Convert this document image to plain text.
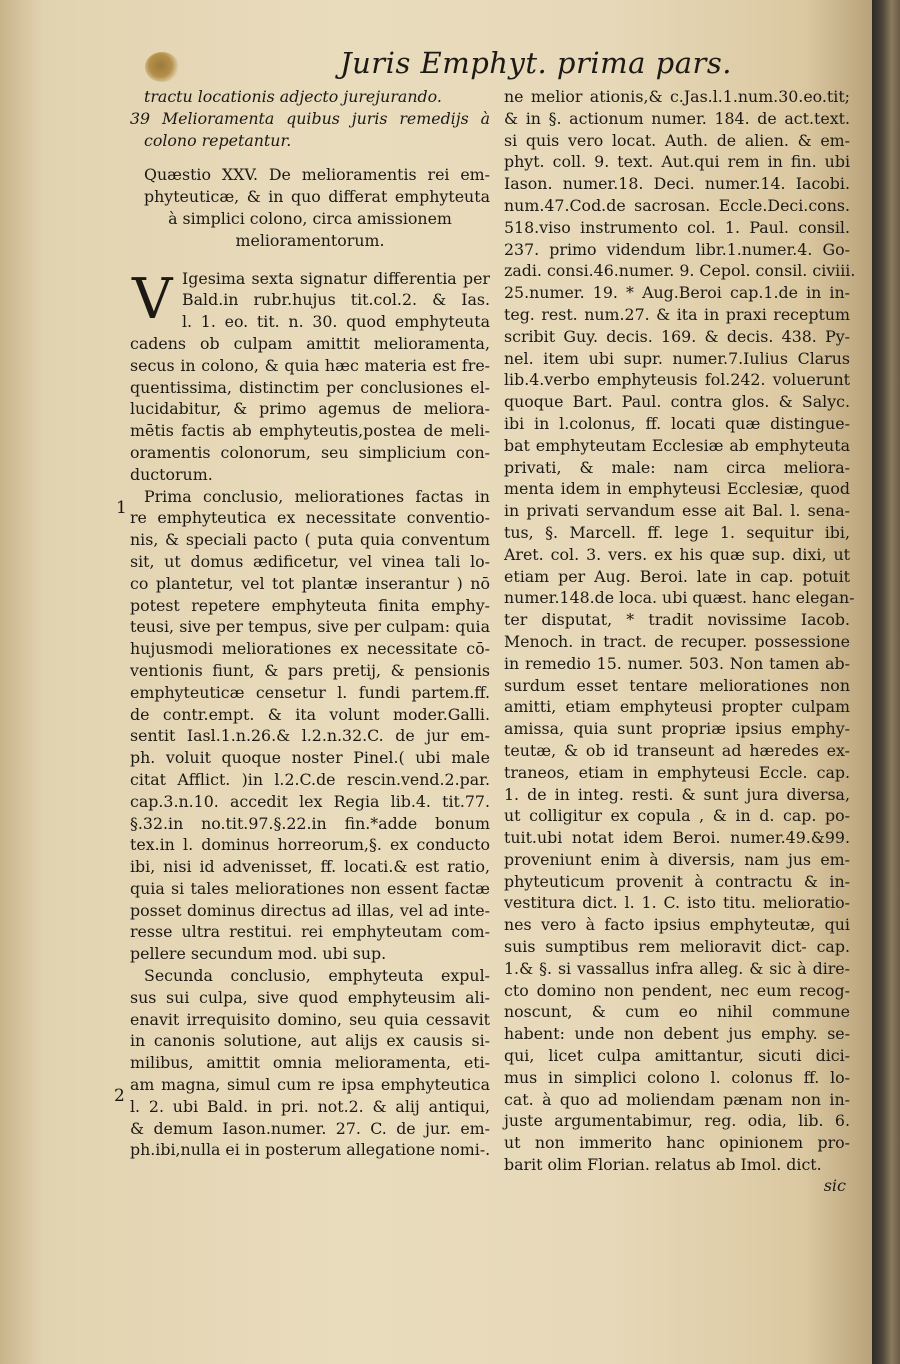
Juris Emphyt. prima pars.
tractu locationis adjecto jurejurando.
39 Melioramenta quibus juris remedijs à
colono repetantur.
Quæstio XXV. De melioramentis rei em-
phyteuticæ, & in quo differat emphyteuta
à simplici colono, circa amissionem
melioramentorum.
V Igesima sexta signatur differentia per
Bald.in rubr.hujus tit.col.2. & Ias.
l. 1. eo. tit. n. 30. quod emphyteuta
cadens ob culpam amittit melioramenta,
secus in colono, & quia hæc materia est fre-
quentissima, distinctim per conclusiones el-
lucidabitur, & primo agemus de meliora-
mētis factis ab emphyteutis,postea de meli-
oramentis colonorum, seu simplicium con-
ductorum.
Prima conclusio, meliorationes factas in
re emphyteutica ex necessitate conventio-
nis, & speciali pacto ( puta quia conventum
sit, ut domus ædificetur, vel vinea tali lo-
co plantetur, vel tot plantæ inserantur ) nō
potest repetere emphyteuta finita emphy-
teusi, sive per tempus, sive per culpam: quia
hujusmodi meliorationes ex necessitate cō-
ventionis fiunt, & pars pretij, & pensionis
emphyteuticæ censetur l. fundi partem.ff.
de contr.empt. & ita volunt moder.Galli.
sentit Iasl.1.n.26.& l.2.n.32.C. de jur em-
ph. voluit quoque noster Pinel.( ubi male
citat Afflict. )in l.2.C.de rescin.vend.2.par.
cap.3.n.10. accedit lex Regia lib.4. tit.77.
§.32.in no.tit.97.§.22.in fin.*adde bonum
tex.in l. dominus horreorum,§. ex conducto
ibi, nisi id advenisset, ff. locati.& est ratio,
quia si tales meliorationes non essent factæ
posset dominus directus ad illas, vel ad inte-
resse ultra restitui. rei emphyteutam com-
pellere secundum mod. ubi sup.
Secunda conclusio, emphyteuta expul-
sus sui culpa, sive quod emphyteusim ali-
enavit irrequisito domino, seu quia cessavit
in canonis solutione, aut alijs ex causis si-
milibus, amittit omnia melioramenta, eti-
am magna, simul cum re ipsa emphyteutica
l. 2. ubi Bald. in pri. not.2. & alij antiqui,
& demum Iason.numer. 27. C. de jur. em-
ph.ibi,nulla ei in posterum allegatione nomi-.
1
2
ne melior ationis,& c.Jas.l.1.num.30.eo.tit;
& in §. actionum numer. 184. de act.text.
si quis vero locat. Auth. de alien. & em-
phyt. coll. 9. text. Aut.qui rem in fin. ubi
Iason. numer.18. Deci. numer.14. Iacobi.
num.47.Cod.de sacrosan. Eccle.Deci.cons.
518.viso instrumento col. 1. Paul. consil.
237. primo videndum libr.1.numer.4. Go-
zadi. consi.46.numer. 9. Cepol. consil. civiii.
25.numer. 19. * Aug.Beroi cap.1.de in in-
teg. rest. num.27. & ita in praxi receptum
scribit Guy. decis. 169. & decis. 438. Py-
nel. item ubi supr. numer.7.Iulius Clarus
lib.4.verbo emphyteusis fol.242. voluerunt
quoque Bart. Paul. contra glos. & Salyc.
ibi in l.colonus, ff. locati quæ distingue-
bat emphyteutam Ecclesiæ ab emphyteuta
privati, & male: nam circa meliora-
menta idem in emphyteusi Ecclesiæ, quod
in privati servandum esse ait Bal. l. sena-
tus, §. Marcell. ff. lege 1. sequitur ibi,
Aret. col. 3. vers. ex his quæ sup. dixi, ut
etiam per Aug. Beroi. late in cap. potuit
numer.148.de loca. ubi quæst. hanc elegan-
ter disputat, * tradit novissime Iacob.
Menoch. in tract. de recuper. possessione
in remedio 15. numer. 503. Non tamen ab-
surdum esset tentare meliorationes non
amitti, etiam emphyteusi propter culpam
amissa, quia sunt propriæ ipsius emphy-
teutæ, & ob id transeunt ad hæredes ex-
traneos, etiam in emphyteusi Eccle. cap.
1. de in integ. resti. & sunt jura diversa,
ut colligitur ex copula , & in d. cap. po-
tuit.ubi notat idem Beroi. numer.49.&99.
proveniunt enim à diversis, nam jus em-
phyteuticum provenit à contractu & in-
vestitura dict. l. 1. C. isto titu. melioratio-
nes vero à facto ipsius emphyteutæ, qui
suis sumptibus rem melioravit dict- cap.
1.& §. si vassallus infra alleg. & sic à dire-
cto domino non pendent, nec eum recog-
noscunt, & cum eo nihil commune
habent: unde non debent jus emphy. se-
qui, licet culpa amittantur, sicuti dici-
mus in simplici colono l. colonus ff. lo-
cat. à quo ad moliendam pænam non in-
juste argumentabimur, reg. odia, lib. 6.
ut non immerito hanc opinionem pro-
barit olim Florian. relatus ab Imol. dict.
sic
